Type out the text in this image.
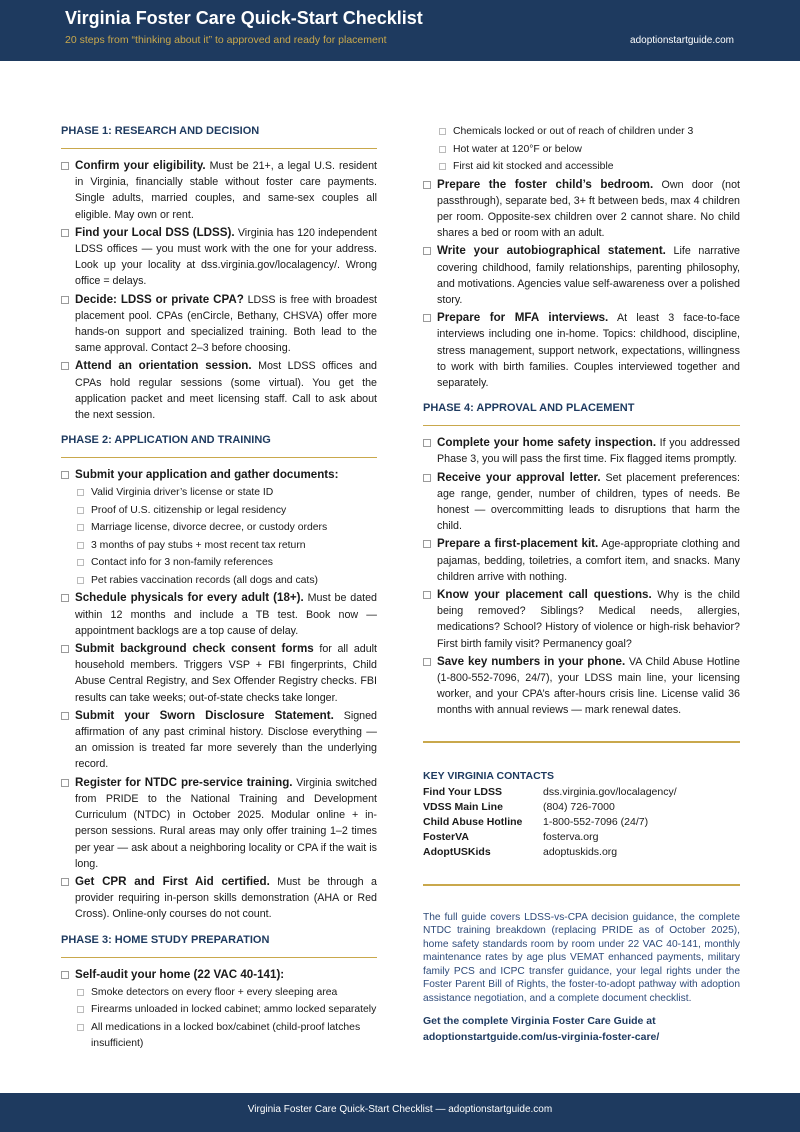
Virginia Foster Care Quick-Start Checklist
20 steps from “thinking about it” to approved and ready for placement	adoptionstartguide.com
PHASE 1: RESEARCH AND DECISION
Confirm your eligibility. Must be 21+, a legal U.S. resident in Virginia, financially stable without foster care payments. Single adults, married couples, and same-sex couples all eligible. May own or rent.
Find your Local DSS (LDSS). Virginia has 120 independent LDSS offices — you must work with the one for your address. Look up your locality at dss.virginia.gov/localagency/. Wrong office = delays.
Decide: LDSS or private CPA? LDSS is free with broadest placement pool. CPAs (enCircle, Bethany, CHSVA) offer more hands-on support and specialized training. Both lead to the same approval. Contact 2–3 before choosing.
Attend an orientation session. Most LDSS offices and CPAs hold regular sessions (some virtual). You get the application packet and meet licensing staff. Call to ask about the next session.
PHASE 2: APPLICATION AND TRAINING
Submit your application and gather documents:
Valid Virginia driver’s license or state ID
Proof of U.S. citizenship or legal residency
Marriage license, divorce decree, or custody orders
3 months of pay stubs + most recent tax return
Contact info for 3 non-family references
Pet rabies vaccination records (all dogs and cats)
Schedule physicals for every adult (18+). Must be dated within 12 months and include a TB test. Book now — appointment backlogs are a top cause of delay.
Submit background check consent forms for all adult household members. Triggers VSP + FBI fingerprints, Child Abuse Central Registry, and Sex Offender Registry checks. FBI results can take weeks; out-of-state checks take longer.
Submit your Sworn Disclosure Statement. Signed affirmation of any past criminal history. Disclose everything — an omission is treated far more severely than the underlying record.
Register for NTDC pre-service training. Virginia switched from PRIDE to the National Training and Development Curriculum (NTDC) in October 2025. Modular online + in-person sessions. Rural areas may only offer training 1–2 times per year — ask about a neighboring locality or CPA if the wait is long.
Get CPR and First Aid certified. Must be through a provider requiring in-person skills demonstration (AHA or Red Cross). Online-only courses do not count.
PHASE 3: HOME STUDY PREPARATION
Self-audit your home (22 VAC 40-141):
Smoke detectors on every floor + every sleeping area
Firearms unloaded in locked cabinet; ammo locked separately
All medications in a locked box/cabinet (child-proof latches insufficient)
Chemicals locked or out of reach of children under 3
Hot water at 120°F or below
First aid kit stocked and accessible
Prepare the foster child’s bedroom. Own door (not passthrough), separate bed, 3+ ft between beds, max 4 children per room. Opposite-sex children over 2 cannot share. No child shares a bed or room with an adult.
Write your autobiographical statement. Life narrative covering childhood, family relationships, parenting philosophy, and motivations. Agencies value self-awareness over a polished story.
Prepare for MFA interviews. At least 3 face-to-face interviews including one in-home. Topics: childhood, discipline, stress management, support network, expectations, willingness to work with birth families. Couples interviewed together and separately.
PHASE 4: APPROVAL AND PLACEMENT
Complete your home safety inspection. If you addressed Phase 3, you will pass the first time. Fix flagged items promptly.
Receive your approval letter. Set placement preferences: age range, gender, number of children, types of needs. Be honest — overcommitting leads to disruptions that harm the child.
Prepare a first-placement kit. Age-appropriate clothing and pajamas, bedding, toiletries, a comfort item, and snacks. Many children arrive with nothing.
Know your placement call questions. Why is the child being removed? Siblings? Medical needs, allergies, medications? School? History of violence or high-risk behavior? First birth family visit? Permanency goal?
Save key numbers in your phone. VA Child Abuse Hotline (1-800-552-7096, 24/7), your LDSS main line, your licensing worker, and your CPA’s after-hours crisis line. License valid 36 months with annual reviews — mark renewal dates.
KEY VIRGINIA CONTACTS
Find Your LDSS	dss.virginia.gov/localagency/
VDSS Main Line	(804) 726-7000
Child Abuse Hotline	1-800-552-7096 (24/7)
FosterVA	fosterva.org
AdoptUSKids	adoptuskids.org
The full guide covers LDSS-vs-CPA decision guidance, the complete NTDC training breakdown (replacing PRIDE as of October 2025), home safety standards room by room under 22 VAC 40-141, monthly maintenance rates by age plus VEMAT enhanced payments, military family PCS and ICPC transfer guidance, your legal rights under the Foster Parent Bill of Rights, the foster-to-adopt pathway with adoption assistance negotiation, and a complete document checklist.
Get the complete Virginia Foster Care Guide at
adoptionstartguide.com/us-virginia-foster-care/
Virginia Foster Care Quick-Start Checklist — adoptionstartguide.com
